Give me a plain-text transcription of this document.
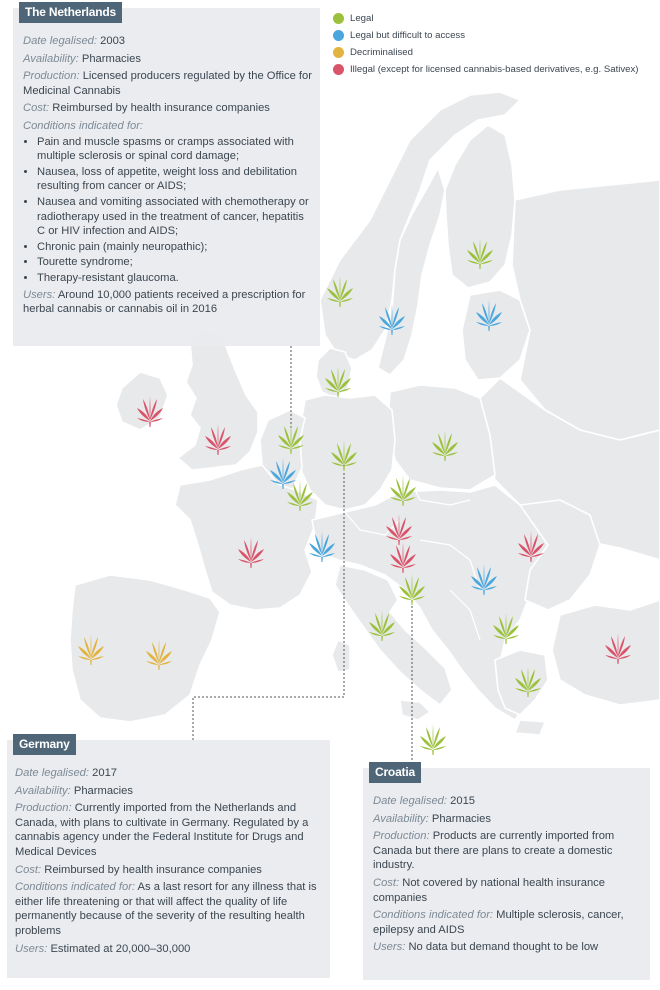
Legal
Legal but difficult to access
Decriminalised
Illegal (except for licensed cannabis-based derivatives, e.g. Sativex)
The Netherlands
Date legalised: 2003
Availability: Pharmacies
Production: Licensed producers regulated by the Office for Medicinal Cannabis
Cost: Reimbursed by health insurance companies
Conditions indicated for:
• Pain and muscle spasms or cramps associated with multiple sclerosis or spinal cord damage;
• Nausea, loss of appetite, weight loss and debilitation resulting from cancer or AIDS;
• Nausea and vomiting associated with chemotherapy or radiotherapy used in the treatment of cancer, hepatitis C or HIV infection and AIDS;
• Chronic pain (mainly neuropathic);
• Tourette syndrome;
• Therapy-resistant glaucoma.
Users: Around 10,000 patients received a prescription for herbal cannabis or cannabis oil in 2016
Germany
Date legalised: 2017
Availability: Pharmacies
Production: Currently imported from the Netherlands and Canada, with plans to cultivate in Germany. Regulated by a cannabis agency under the Federal Institute for Drugs and Medical Devices
Cost: Reimbursed by health insurance companies
Conditions indicated for: As a last resort for any illness that is either life threatening or that will affect the quality of life permanently because of the severity of the resulting health problems
Users: Estimated at 20,000–30,000
Croatia
Date legalised: 2015
Availability: Pharmacies
Production: Products are currently imported from Canada but there are plans to create a domestic industry.
Cost: Not covered by national health insurance companies
Conditions indicated for: Multiple sclerosis, cancer, epilepsy and AIDS
Users: No data but demand thought to be low
